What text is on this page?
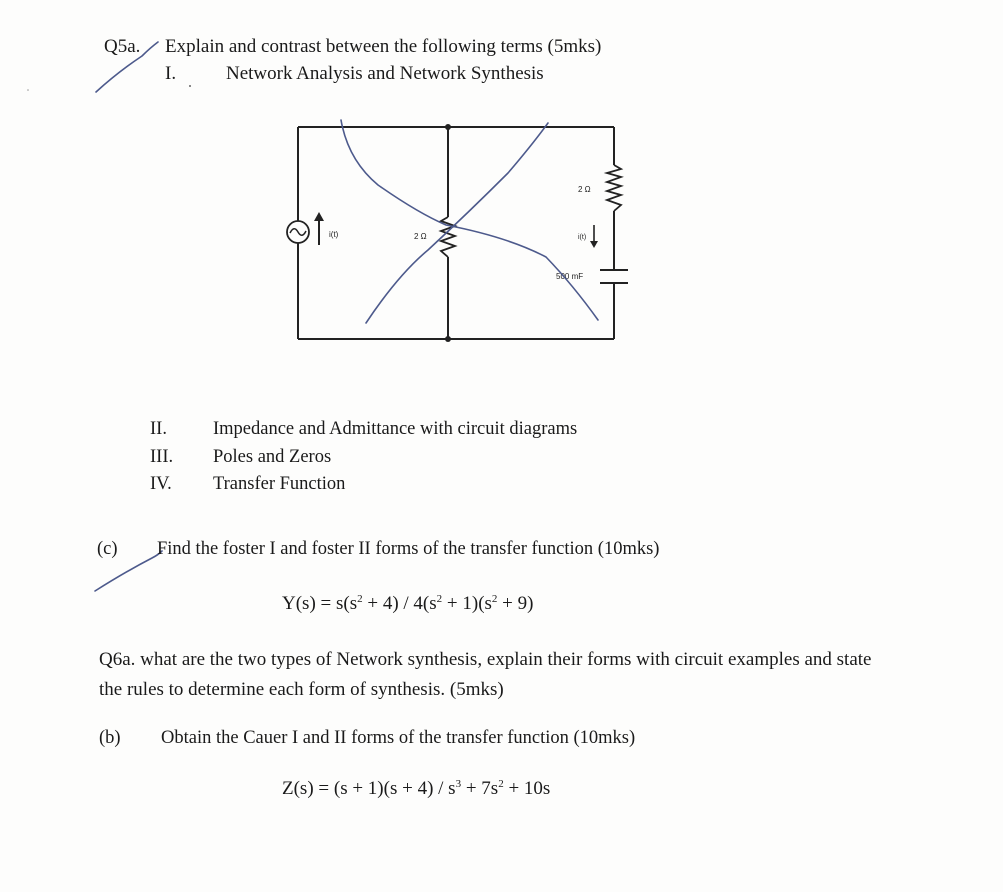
Q5a. Explain and contrast between the following terms (5mks)
I.	Network Analysis and Network Synthesis
i(t)	2 Ω
2 Ω
i(t)
500 mF
II. Impedance and Admittance with circuit diagrams
III. Poles and Zeros
IV. Transfer Function
(c) Find the foster I and foster II forms of the transfer function (10mks)
$Y(s) = s(s^2 + 4) / 4(s^2 + 1)(s^2 + 9)$
Q6a. what are the two types of Network synthesis, explain their forms with circuit examples and state the rules to determine each form of synthesis. (5mks)
(b) Obtain the Cauer I and II forms of the transfer function (10mks)
$Z(s) = (s + 1)(s + 4) / s^3 + 7s^2 + 10s$
